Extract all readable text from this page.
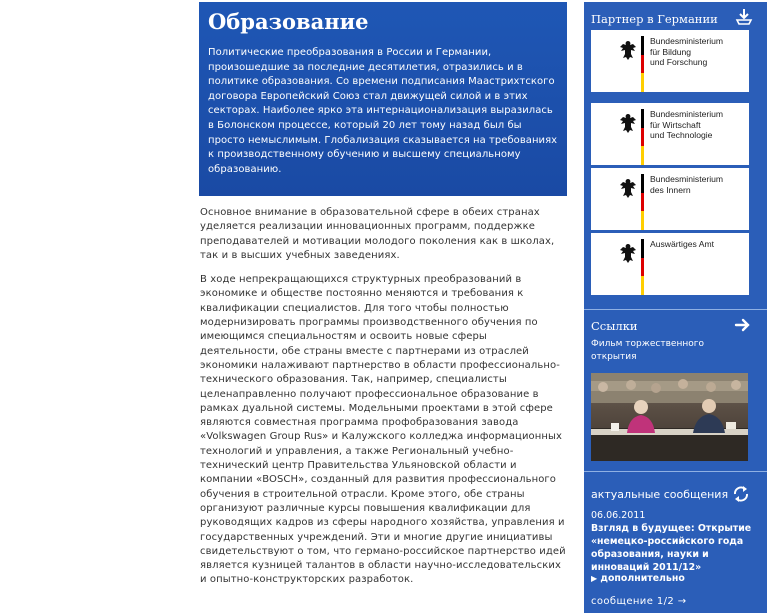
Образование

Политические преобразования в России и Германии, произошедшие за последние десятилетия, отразились и в политике образования. Со времени подписания Маастрихтского договора Европейский Союз стал движущей силой и в этих секторах. Наиболее ярко эта интернационализация выразилась в Болонском процессе, который 20 лет тому назад был бы просто немыслимым. Глобализация сказывается на требованиях к производственному обучению и высшему специальному образованию.

Основное внимание в образовательной сфере в обеих странах уделяется реализации инновационных программ, поддержке преподавателей и мотивации молодого поколения как в школах, так и в высших учебных заведениях.

В ходе непрекращающихся структурных преобразований в экономике и обществе постоянно меняются и требования к квалификации специалистов. Для того чтобы полностью модернизировать программы производственного обучения по имеющимся специальностям и освоить новые сферы деятельности, обе страны вместе с партнерами из отраслей экономики налаживают партнерство в области профессионально-технического образования. Так, например, специалисты целенаправленно получают профессиональное образование в рамках дуальной системы. Модельными проектами в этой сфере являются совместная программа профобразования завода «Volkswagen Group Rus» и Калужского колледжа информационных технологий и управления, а также Региональный учебно-технический центр Правительства Ульяновской области и компании «BOSCH», созданный для развития профессионального обучения в строительной отрасли. Кроме этого, обе страны организуют различные курсы повышения квалификации для руководящих кадров из сферы народного хозяйства, управления и государственных учреждений. Эти и многие другие инициативы свидетельствуют о том, что германо-российское партнерство идей является кузницей талантов в области научно-исследовательских и опытно-конструкторских разработок.

Партнер в Германии
Bundesministerium
für Bildung
und Forschung
Bundesministerium
für Wirtschaft
und Technologie
Bundesministerium
des Innern
Auswärtiges Amt
Ссылки
Фильм торжественного открытия
актуальные сообщения
06.06.2011
Взгляд в будущее: Открытие «немецко-российского года образования, науки и инноваций 2011/12»
▶ дополнительно
сообщение 1/2 →
